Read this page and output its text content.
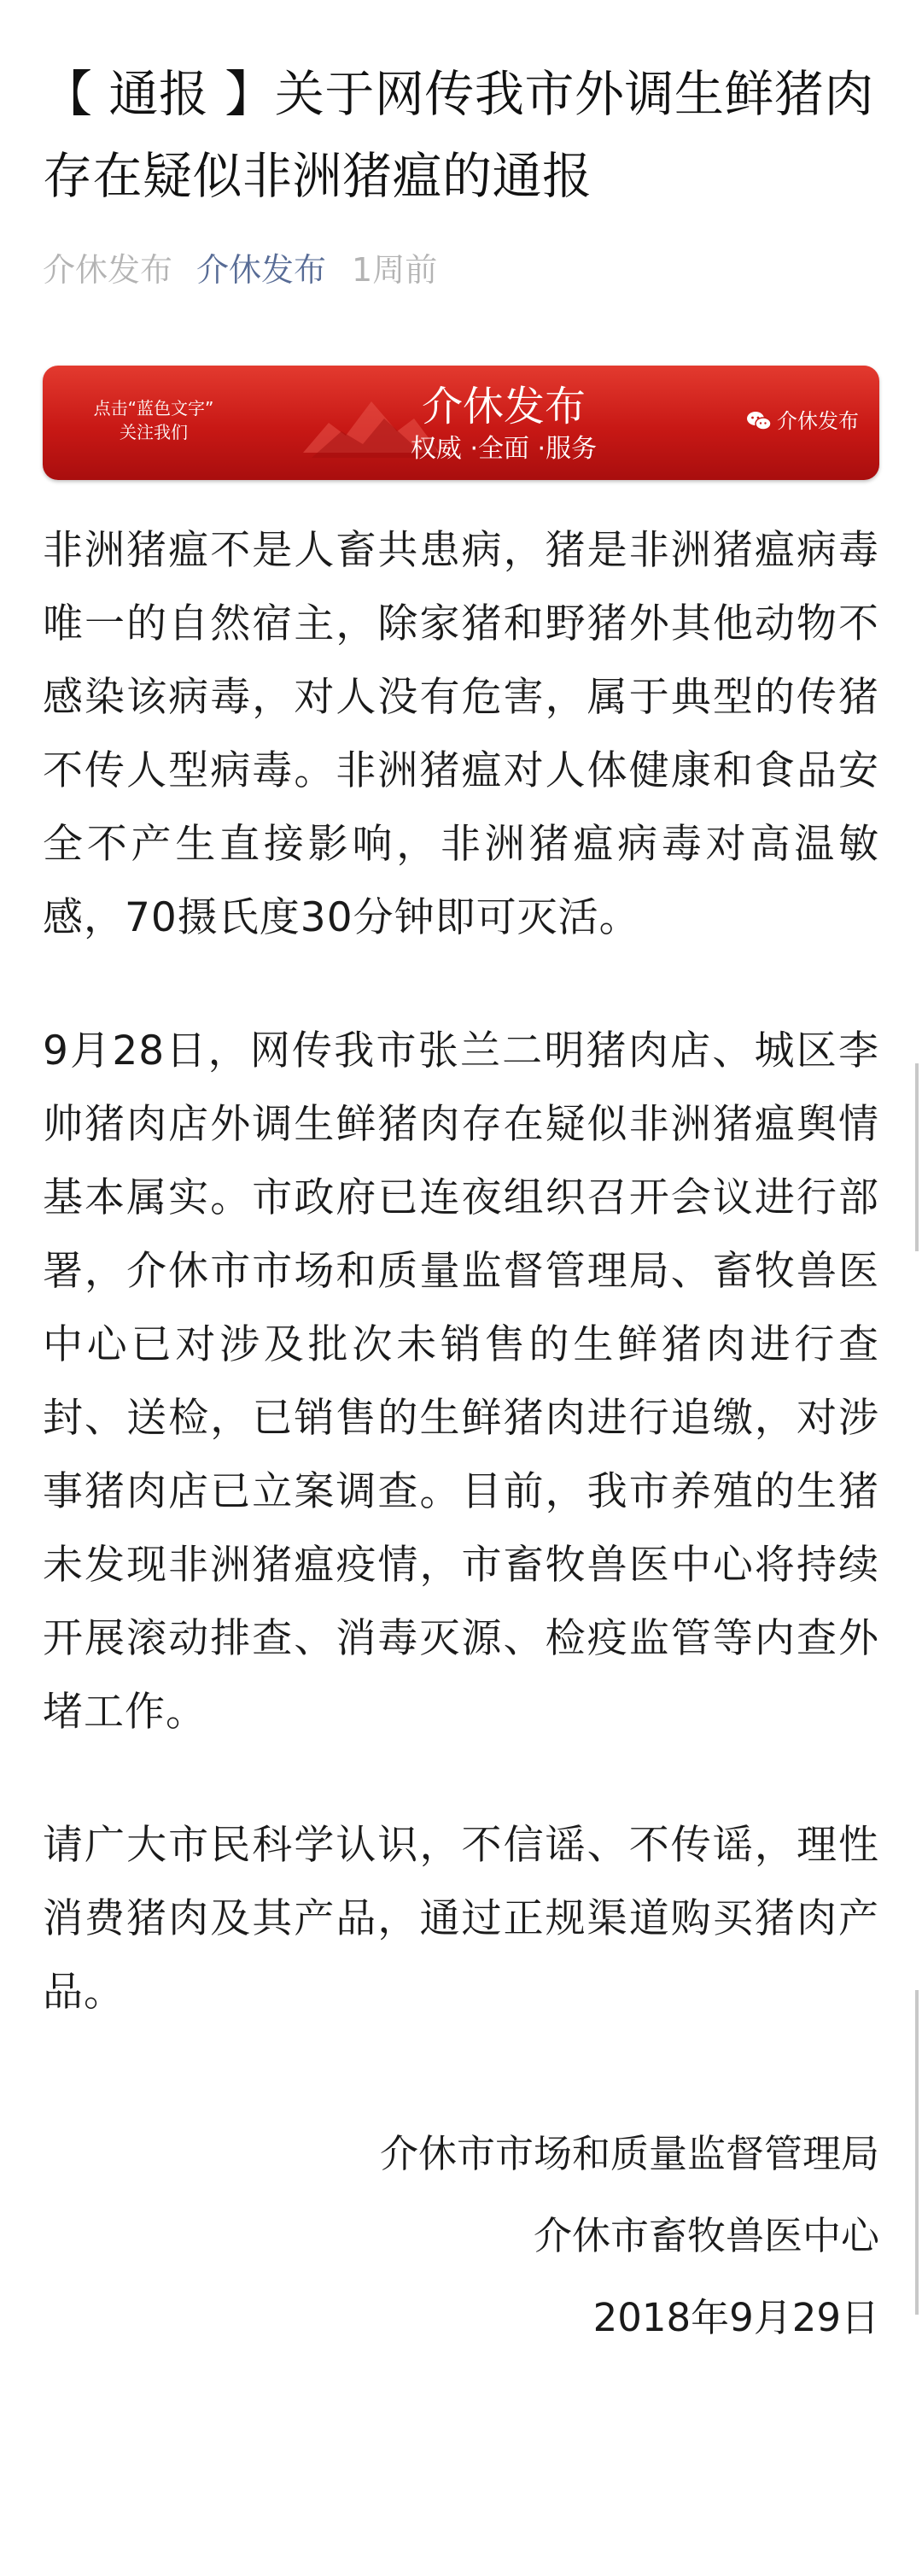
【 通报 】关于网传我市外调生鲜猪肉存在疑似非洲猪瘟的通报
介休发布 介休发布 1周前
点击“蓝色文字”
关注我们
介休发布
权威 ·全面 ·服务
介休发布

非洲猪瘟不是人畜共患病，猪是非洲猪瘟病毒唯一的自然宿主，除家猪和野猪外其他动物不感染该病毒，对人没有危害，属于典型的传猪不传人型病毒。非洲猪瘟对人体健康和食品安全不产生直接影响，非洲猪瘟病毒对高温敏感，70摄氏度30分钟即可灭活。

9月28日，网传我市张兰二明猪肉店、城区李帅猪肉店外调生鲜猪肉存在疑似非洲猪瘟舆情基本属实。市政府已连夜组织召开会议进行部署，介休市市场和质量监督管理局、畜牧兽医中心已对涉及批次未销售的生鲜猪肉进行查封、送检，已销售的生鲜猪肉进行追缴，对涉事猪肉店已立案调查。目前，我市养殖的生猪未发现非洲猪瘟疫情，市畜牧兽医中心将持续开展滚动排查、消毒灭源、检疫监管等内查外堵工作。

请广大市民科学认识，不信谣、不传谣，理性消费猪肉及其产品，通过正规渠道购买猪肉产品。

介休市市场和质量监督管理局
介休市畜牧兽医中心
2018年9月29日
